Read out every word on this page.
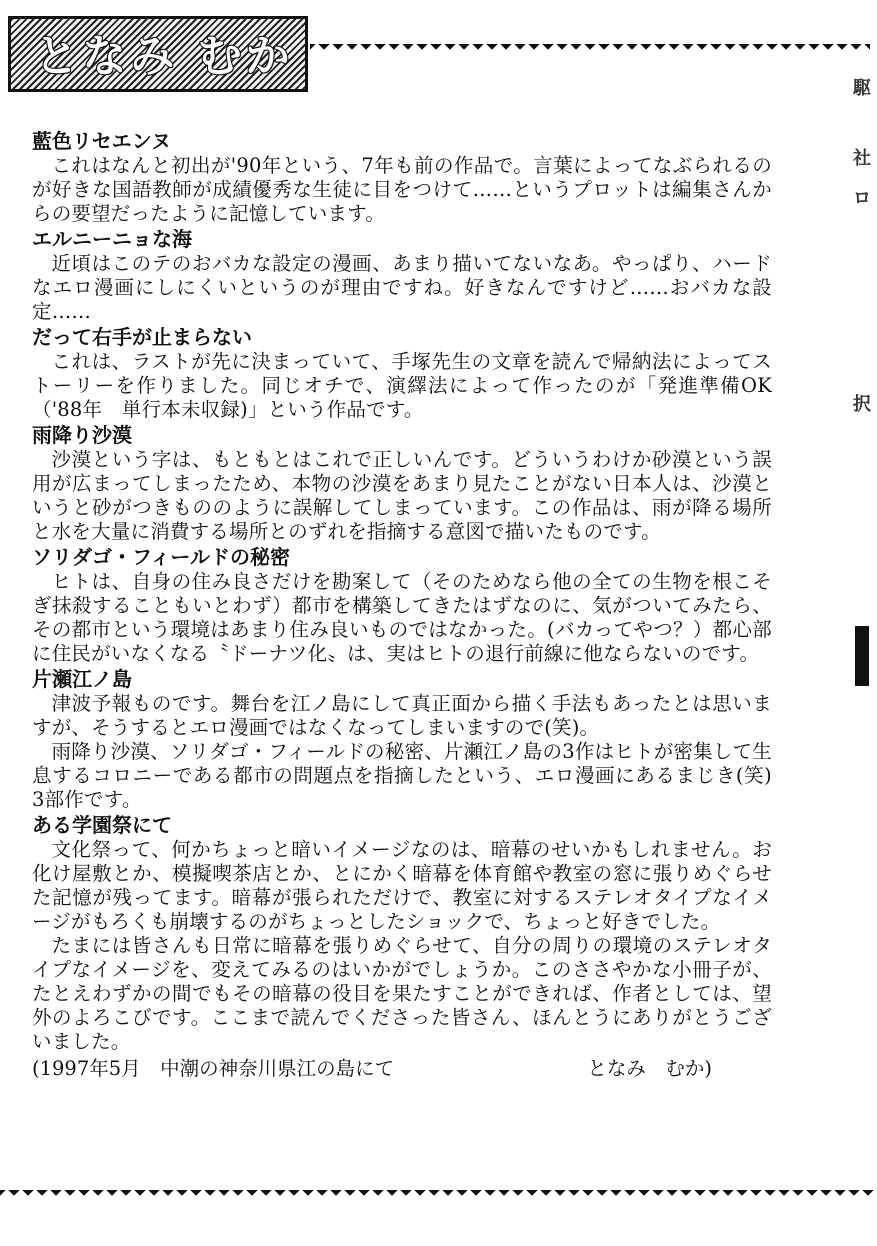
となみ むか
駆
社
ロ
択
藍色リセエンヌ

これはなんと初出が'90年という、7年も前の作品で。言葉によってなぶられるのが好きな国語教師が成績優秀な生徒に目をつけて……というプロットは編集さんからの要望だったように記憶しています。

エルニーニョな海

近頃はこのテのおバカな設定の漫画、あまり描いてないなあ。やっぱり、ハードなエロ漫画にしにくいというのが理由ですね。好きなんですけど……おバカな設定……

だって右手が止まらない

これは、ラストが先に決まっていて、手塚先生の文章を読んで帰納法によってストーリーを作りました。同じオチで、演繹法によって作ったのが「発進準備OK（'88年　単行本未収録)」という作品です。

雨降り沙漠

沙漠という字は、もともとはこれで正しいんです。どういうわけか砂漠という誤用が広まってしまったため、本物の沙漠をあまり見たことがない日本人は、沙漠というと砂がつきもののように誤解してしまっています。この作品は、雨が降る場所と水を大量に消費する場所とのずれを指摘する意図で描いたものです。

ソリダゴ・フィールドの秘密

ヒトは、自身の住み良さだけを勘案して（そのためなら他の全ての生物を根こそぎ抹殺することもいとわず）都市を構築してきたはずなのに、気がついてみたら、その都市という環境はあまり住み良いものではなかった。(バカってやつ？）都心部に住民がいなくなる〝ドーナツ化〟は、実はヒトの退行前線に他ならないのです。

片瀬江ノ島

津波予報ものです。舞台を江ノ島にして真正面から描く手法もあったとは思いますが、そうするとエロ漫画ではなくなってしまいますので(笑)。

雨降り沙漠、ソリダゴ・フィールドの秘密、片瀬江ノ島の3作はヒトが密集して生息するコロニーである都市の問題点を指摘したという、エロ漫画にあるまじき(笑) 3部作です。

ある学園祭にて

文化祭って、何かちょっと暗いイメージなのは、暗幕のせいかもしれません。お化け屋敷とか、模擬喫茶店とか、とにかく暗幕を体育館や教室の窓に張りめぐらせた記憶が残ってます。暗幕が張られただけで、教室に対するステレオタイプなイメージがもろくも崩壊するのがちょっとしたショックで、ちょっと好きでした。

たまには皆さんも日常に暗幕を張りめぐらせて、自分の周りの環境のステレオタイプなイメージを、変えてみるのはいかがでしょうか。このささやかな小冊子が、たとえわずかの間でもその暗幕の役目を果たすことができれば、作者としては、望外のよろこびです。ここまで読んでくださった皆さん、ほんとうにありがとうございました。

(1997年5月　中潮の神奈川県江の島にて	となみ　むか)
